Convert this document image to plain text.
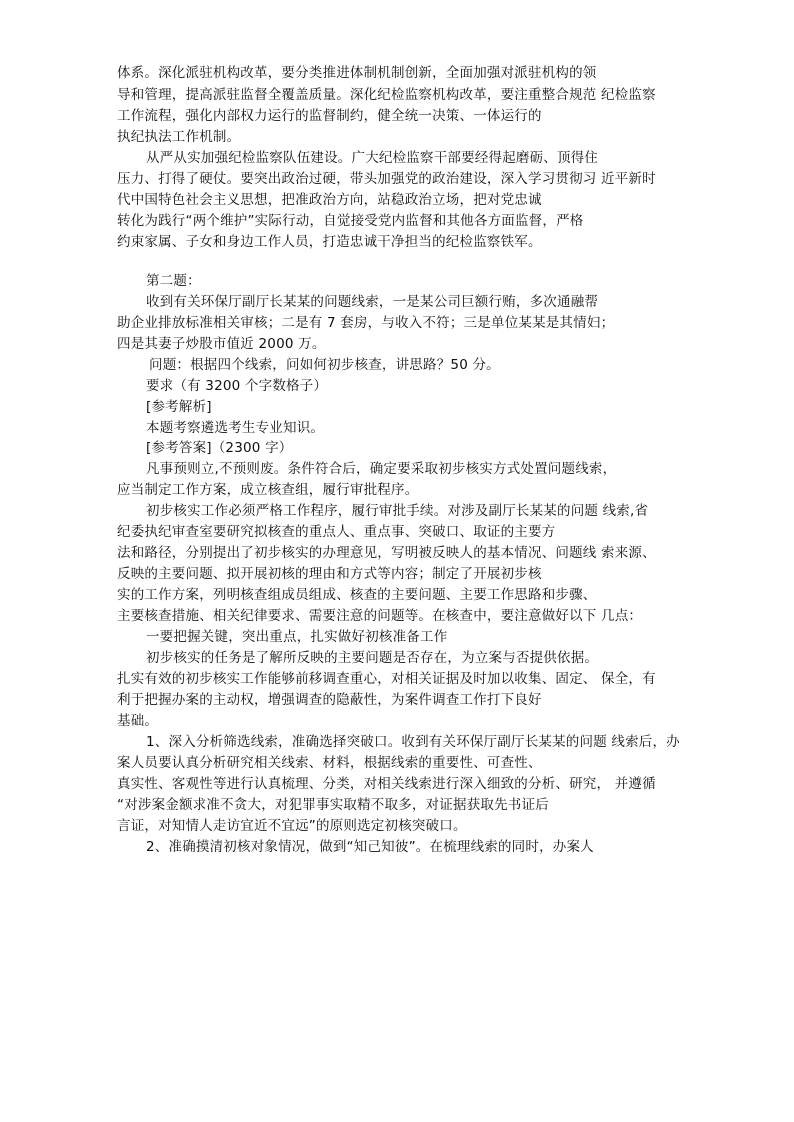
体系。深化派驻机构改革，要分类推进体制机制创新，全面加强对派驻机构的领
导和管理，提高派驻监督全覆盖质量。深化纪检监察机构改革，要注重整合规范 纪检监察
工作流程，强化内部权力运行的监督制约，健全统一决策、一体运行的
执纪执法工作机制。
从严从实加强纪检监察队伍建设。广大纪检监察干部要经得起磨砺、顶得住
压力、打得了硬仗。要突出政治过硬，带头加强党的政治建设，深入学习贯彻习 近平新时
代中国特色社会主义思想，把准政治方向，站稳政治立场，把对党忠诚
转化为践行“两个维护”实际行动，自觉接受党内监督和其他各方面监督，严格
约束家属、子女和身边工作人员，打造忠诚干净担当的纪检监察铁军。
第二题：
收到有关环保厅副厅长某某的问题线索，一是某公司巨额行贿，多次通融帮
助企业排放标准相关审核；二是有 7 套房，与收入不符；三是单位某某是其情妇；
四是其妻子炒股市值近 2000 万。
问题：根据四个线索，问如何初步核查，讲思路？50 分。
要求（有 3200 个字数格子）
[参考解析]
本题考察遴选考生专业知识。
[参考答案]（2300 字）
凡事预则立,不预则废。条件符合后，确定要采取初步核实方式处置问题线索，
应当制定工作方案，成立核查组，履行审批程序。
初步核实工作必须严格工作程序，履行审批手续。对涉及副厅长某某的问题 线索,省
纪委执纪审查室要研究拟核查的重点人、重点事、突破口、取证的主要方
法和路径，分别提出了初步核实的办理意见，写明被反映人的基本情况、问题线 索来源、
反映的主要问题、拟开展初核的理由和方式等内容；制定了开展初步核
实的工作方案，列明核查组成员组成、核查的主要问题、主要工作思路和步骤、
主要核查措施、相关纪律要求、需要注意的问题等。在核查中，要注意做好以下 几点：
一要把握关键，突出重点，扎实做好初核准备工作
初步核实的任务是了解所反映的主要问题是否存在，为立案与否提供依据。
扎实有效的初步核实工作能够前移调查重心，对相关证据及时加以收集、固定、 保全，有
利于把握办案的主动权，增强调查的隐蔽性，为案件调查工作打下良好
基础。
1、深入分析筛选线索，准确选择突破口。收到有关环保厅副厅长某某的问题 线索后，办
案人员要认真分析研究相关线索、材料，根据线索的重要性、可查性、
真实性、客观性等进行认真梳理、分类，对相关线索进行深入细致的分析、研究， 并遵循
“对涉案金额求准不贪大，对犯罪事实取精不取多，对证据获取先书证后
言证，对知情人走访宜近不宜远”的原则选定初核突破口。
2、准确摸清初核对象情况，做到“知己知彼”。在梳理线索的同时，办案人
